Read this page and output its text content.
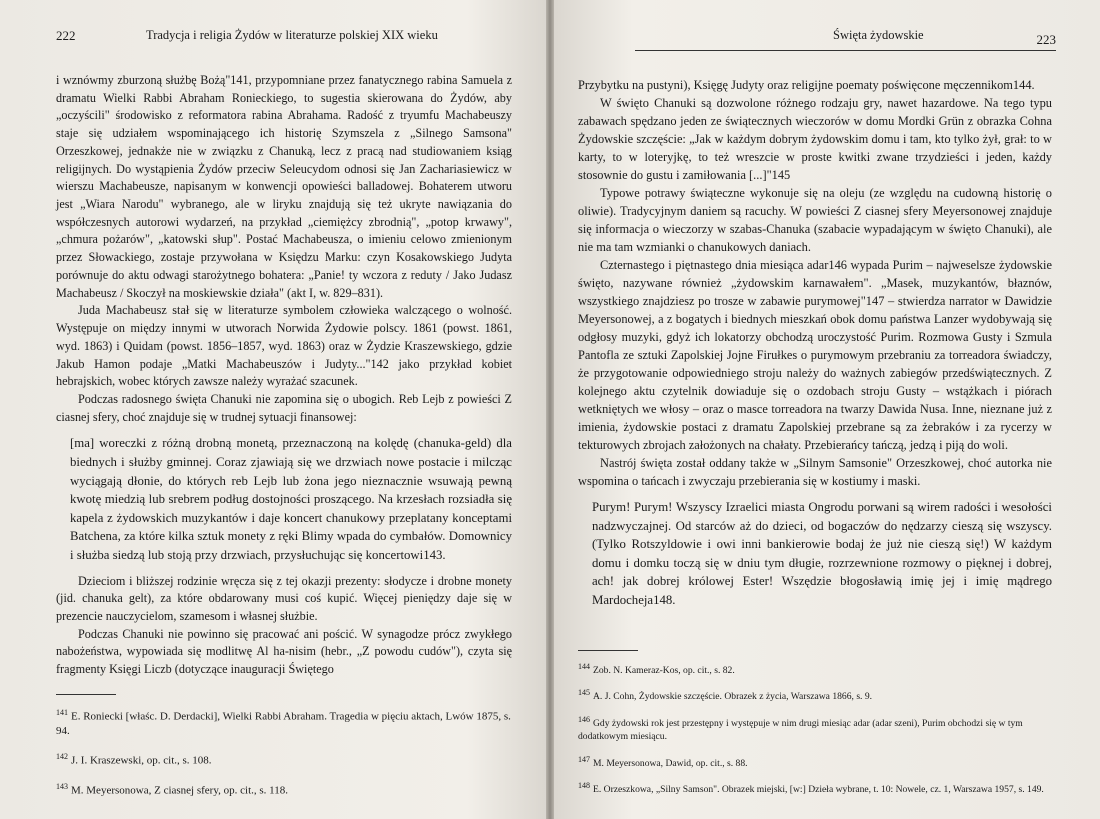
222	Tradycja i religia Żydów w literaturze polskiej XIX wieku

i wznówmy zburzoną służbę Bożą"141, przypomniane przez fanatycznego rabina Samuela z dramatu Wielki Rabbi Abraham Ronieckiego, to sugestia skierowana do Żydów, aby „oczyścili" środowisko z reformatora rabina Abrahama. Radość z tryumfu Machabeuszy staje się udziałem wspominającego ich historię Szymszela z „Silnego Samsona" Orzeszkowej, jednakże nie w związku z Chanuką, lecz z pracą nad studiowaniem ksiąg religijnych. Do wystąpienia Żydów przeciw Seleucydom odnosi się Jan Zachariasiewicz w wierszu Machabeusze, napisanym w konwencji opowieści balladowej. Bohaterem utworu jest „Wiara Narodu" wybranego, ale w liryku znajdują się też ukryte nawiązania do współczesnych autorowi wydarzeń, na przykład „ciemiężcy zbrodnią", „potop krwawy", „chmura pożarów", „katowski słup". Postać Machabeusza, o imieniu celowo zmienionym przez Słowackiego, zostaje przywołana w Księdzu Marku: czyn Kosakowskiego Judyta porównuje do aktu odwagi starożytnego bohatera: „Panie! ty wczora z reduty / Jako Judasz Machabeusz / Skoczył na moskiewskie działa" (akt I, w. 829–831).

Juda Machabeusz stał się w literaturze symbolem człowieka walczącego o wolność. Występuje on między innymi w utworach Norwida Żydowie polscy. 1861 (powst. 1861, wyd. 1863) i Quidam (powst. 1856–1857, wyd. 1863) oraz w Żydzie Kraszewskiego, gdzie Jakub Hamon podaje „Matki Machabeuszów i Judyty..."142 jako przykład kobiet hebrajskich, wobec których zawsze należy wyrażać szacunek.

Podczas radosnego święta Chanuki nie zapomina się o ubogich. Reb Lejb z powieści Z ciasnej sfery, choć znajduje się w trudnej sytuacji finansowej:

[ma] woreczki z różną drobną monetą, przeznaczoną na kolędę (chanuka-geld) dla biednych i służby gminnej. Coraz zjawiają się we drzwiach nowe postacie i milcząc wyciągają dłonie, do których reb Lejb lub żona jego nieznacznie wsuwają pewną kwotę miedzią lub srebrem podług dostojności proszącego. Na krzesłach rozsiadła się kapela z żydowskich muzykantów i daje koncert chanukowy przeplatany konceptami Batchena, za które kilka sztuk monety z ręki Blimy wpada do cymbałów. Domownicy i służba siedzą lub stoją przy drzwiach, przysłuchując się koncertowi143.

Dzieciom i bliższej rodzinie wręcza się z tej okazji prezenty: słodycze i drobne monety (jid. chanuka gelt), za które obdarowany musi coś kupić. Więcej pieniędzy daje się w prezencie nauczycielom, szamesom i własnej służbie.

Podczas Chanuki nie powinno się pracować ani pościć. W synagodze prócz zwykłego nabożeństwa, wypowiada się modlitwę Al ha-nisim (hebr., „Z powodu cudów"), czyta się fragmenty Księgi Liczb (dotyczące inauguracji Świętego

$^{141}$ E. Roniecki [właśc. D. Derdacki], Wielki Rabbi Abraham. Tragedia w pięciu aktach, Lwów 1875, s. 94.

$^{142}$ J. I. Kraszewski, op. cit., s. 108.

$^{143}$ M. Meyersonowa, Z ciasnej sfery, op. cit., s. 118.

Święta żydowskie	223

Przybytku na pustyni), Księgę Judyty oraz religijne poematy poświęcone męczennikom144.

W święto Chanuki są dozwolone różnego rodzaju gry, nawet hazardowe. Na tego typu zabawach spędzano jeden ze świątecznych wieczorów w domu Mordki Grün z obrazka Cohna Żydowskie szczęście: „Jak w każdym dobrym żydowskim domu i tam, kto tylko żył, grał: to w karty, to w loteryjkę, to też wreszcie w proste kwitki zwane trzydzieści i jeden, każdy stosownie do gustu i zamiłowania [...]"145

Typowe potrawy świąteczne wykonuje się na oleju (ze względu na cudowną historię o oliwie). Tradycyjnym daniem są racuchy. W powieści Z ciasnej sfery Meyersonowej znajduje się informacja o wieczorzy w szabas-Chanuka (szabacie wypadającym w święto Chanuki), ale nie ma tam wzmianki o chanukowych daniach.

Czternastego i piętnastego dnia miesiąca adar146 wypada Purim – najweselsze żydowskie święto, nazywane również „żydowskim karnawałem". „Masek, muzykantów, błaznów, wszystkiego znajdziesz po trosze w zabawie purymowej"147 – stwierdza narrator w Dawidzie Meyersonowej, a z bogatych i biednych mieszkań obok domu państwa Lanzer wydobywają się odgłosy muzyki, gdyż ich lokatorzy obchodzą uroczystość Purim. Rozmowa Gusty i Szmula Pantofla ze sztuki Zapolskiej Jojne Firułkes o purymowym przebraniu za torreadora świadczy, że przygotowanie odpowiedniego stroju należy do ważnych zabiegów przedświątecznych. Z kolejnego aktu czytelnik dowiaduje się o ozdobach stroju Gusty – wstążkach i piórach wetkniętych we włosy – oraz o masce torreadora na twarzy Dawida Nusa. Inne, nieznane już z imienia, żydowskie postaci z dramatu Zapolskiej przebrane są za żebraków i za rycerzy w tekturowych zbrojach założonych na chałaty. Przebierańcy tańczą, jedzą i piją do woli.

Nastrój święta został oddany także w „Silnym Samsonie" Orzeszkowej, choć autorka nie wspomina o tańcach i zwyczaju przebierania się w kostiumy i maski.

Purym! Purym! Wszyscy Izraelici miasta Ongrodu porwani są wirem radości i wesołości nadzwyczajnej. Od starców aż do dzieci, od bogaczów do nędzarzy cieszą się wszyscy. (Tylko Rotszyldowie i owi inni bankierowie bodaj że już nie cieszą się!) W każdym domu i domku toczą się w dniu tym długie, rozrzewnione rozmowy o pięknej i dobrej, ach! jak dobrej królowej Ester! Wszędzie błogosławią imię jej i imię mądrego Mardocheja148.

$^{144}$ Zob. N. Kameraz-Kos, op. cit., s. 82.

$^{145}$ A. J. Cohn, Żydowskie szczęście. Obrazek z życia, Warszawa 1866, s. 9.

$^{146}$ Gdy żydowski rok jest przestępny i występuje w nim drugi miesiąc adar (adar szeni), Purim obchodzi się w tym dodatkowym miesiącu.

$^{147}$ M. Meyersonowa, Dawid, op. cit., s. 88.

$^{148}$ E. Orzeszkowa, „Silny Samson". Obrazek miejski, [w:] Dzieła wybrane, t. 10: Nowele, cz. 1, Warszawa 1957, s. 149.
